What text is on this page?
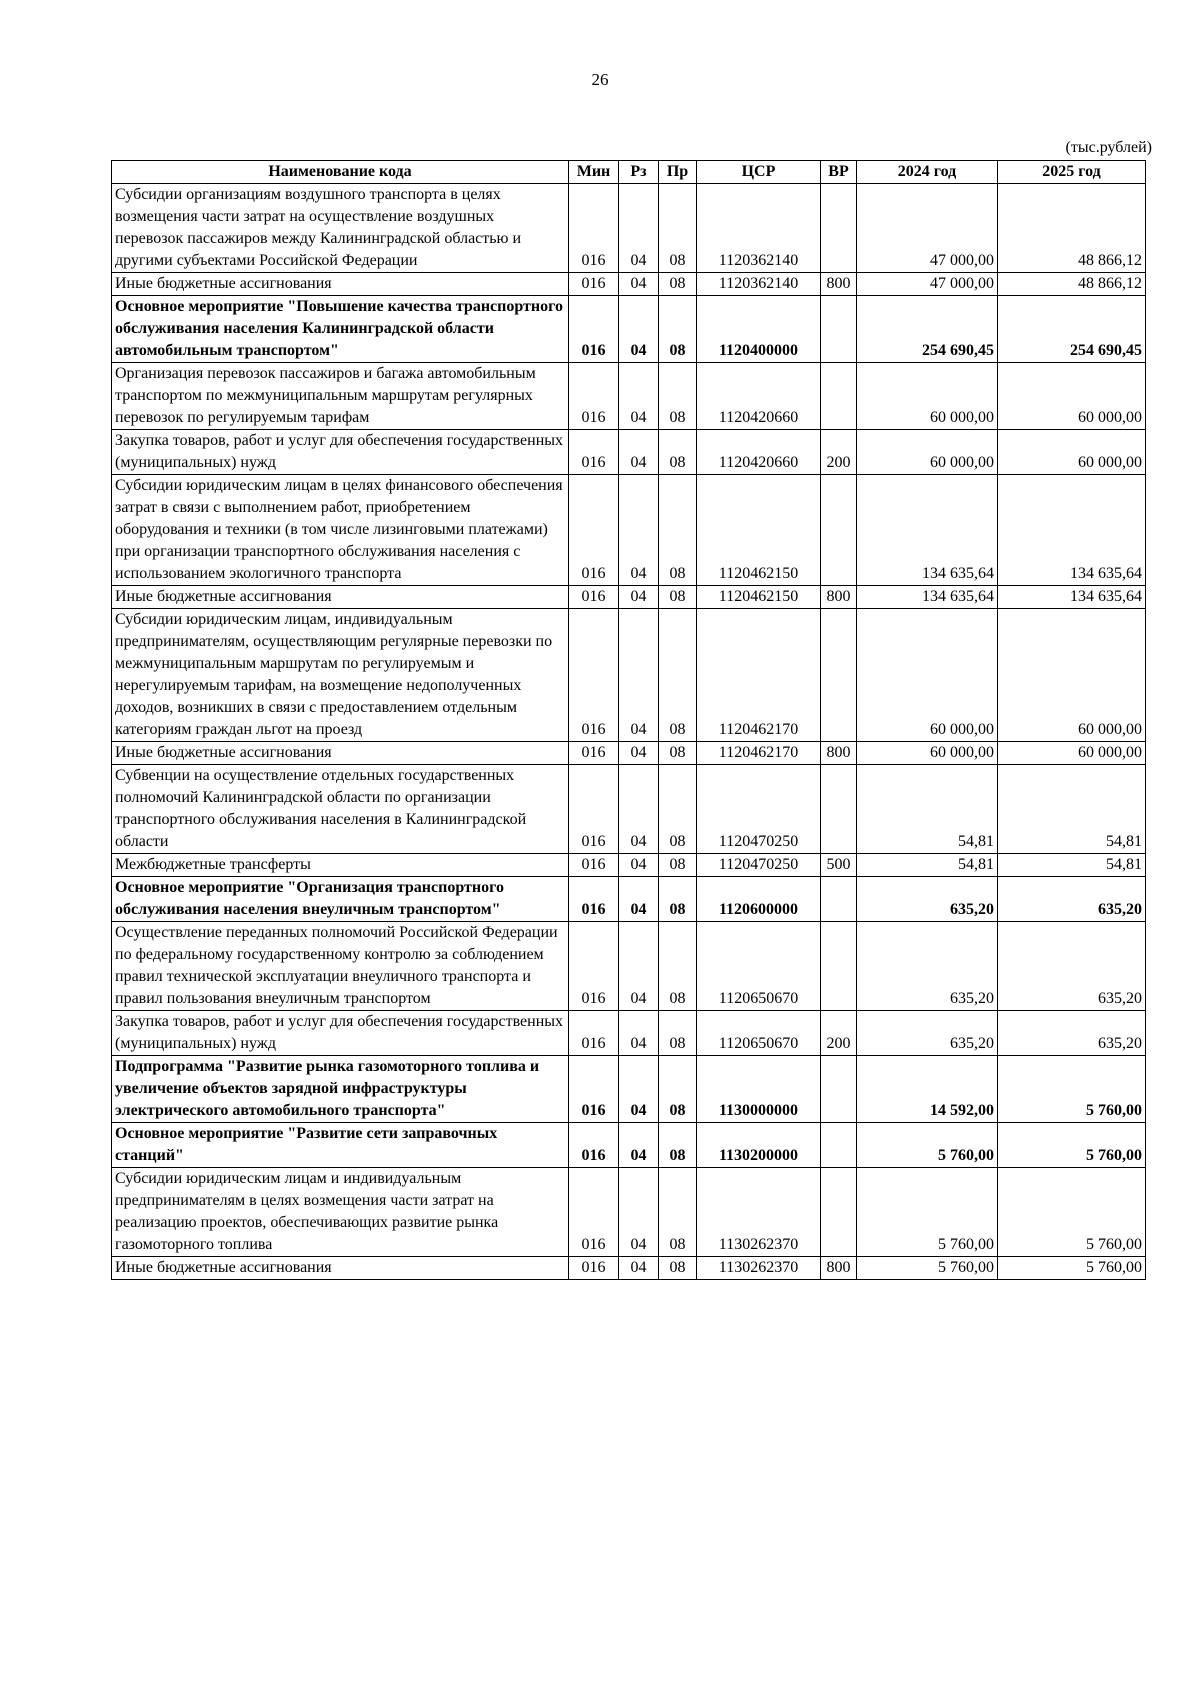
26
(тыс.рублей)
Наименование кода	Мин	Рз	Пр	ЦСР	ВР	2024 год	2025 год
Субсидии организациям воздушного транспорта в целях возмещения части затрат на осуществление воздушных перевозок пассажиров между Калининградской областью и другими субъектами Российской Федерации	016	04	08	1120362140		47 000,00	48 866,12
Иные бюджетные ассигнования	016	04	08	1120362140	800	47 000,00	48 866,12
Основное мероприятие "Повышение качества транспортного обслуживания населения Калининградской области автомобильным транспортом"	016	04	08	1120400000		254 690,45	254 690,45
Организация перевозок пассажиров и багажа автомобильным транспортом по межмуниципальным маршрутам регулярных перевозок по регулируемым тарифам	016	04	08	1120420660		60 000,00	60 000,00
Закупка товаров, работ и услуг для обеспечения государственных (муниципальных) нужд	016	04	08	1120420660	200	60 000,00	60 000,00
Субсидии юридическим лицам в целях финансового обеспечения затрат в связи с выполнением работ, приобретением оборудования и техники (в том числе лизинговыми платежами) при организации транспортного обслуживания населения с использованием экологичного транспорта	016	04	08	1120462150		134 635,64	134 635,64
Иные бюджетные ассигнования	016	04	08	1120462150	800	134 635,64	134 635,64
Субсидии юридическим лицам, индивидуальным предпринимателям, осуществляющим регулярные перевозки по межмуниципальным маршрутам по регулируемым и нерегулируемым тарифам, на возмещение недополученных доходов, возникших в связи с предоставлением отдельным категориям граждан льгот на проезд	016	04	08	1120462170		60 000,00	60 000,00
Иные бюджетные ассигнования	016	04	08	1120462170	800	60 000,00	60 000,00
Субвенции на осуществление отдельных государственных полномочий Калининградской области по организации транспортного обслуживания населения в Калининградской области	016	04	08	1120470250		54,81	54,81
Межбюджетные трансферты	016	04	08	1120470250	500	54,81	54,81
Основное мероприятие "Организация транспортного обслуживания населения внеуличным транспортом"	016	04	08	1120600000		635,20	635,20
Осуществление переданных полномочий Российской Федерации по федеральному государственному контролю за соблюдением правил технической эксплуатации внеуличного транспорта и правил пользования внеуличным транспортом	016	04	08	1120650670		635,20	635,20
Закупка товаров, работ и услуг для обеспечения государственных (муниципальных) нужд	016	04	08	1120650670	200	635,20	635,20
Подпрограмма "Развитие рынка газомоторного топлива и увеличение объектов зарядной инфраструктуры электрического автомобильного транспорта"	016	04	08	1130000000		14 592,00	5 760,00
Основное мероприятие "Развитие сети заправочных станций"	016	04	08	1130200000		5 760,00	5 760,00
Субсидии юридическим лицам и индивидуальным предпринимателям в целях возмещения части затрат на реализацию проектов, обеспечивающих развитие рынка газомоторного топлива	016	04	08	1130262370		5 760,00	5 760,00
Иные бюджетные ассигнования	016	04	08	1130262370	800	5 760,00	5 760,00
